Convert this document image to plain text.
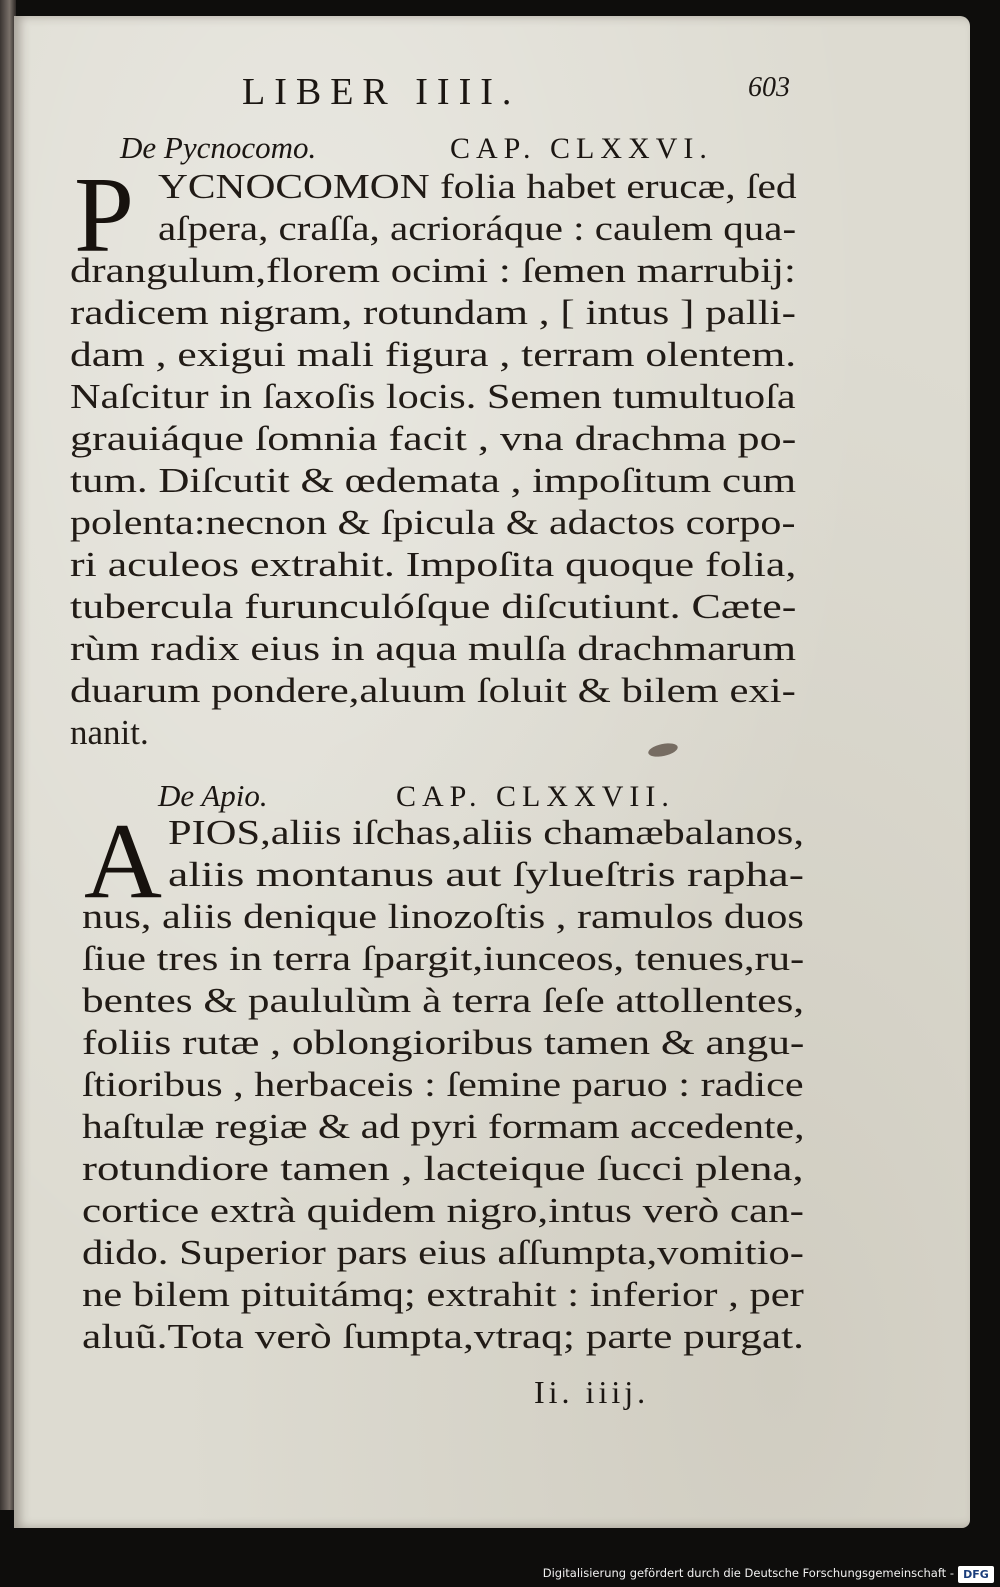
LIBER IIII.	603
De Pycnocomo.	CAP. CLXXVI.
P YCNOCOMON folia habet erucæ, ſed
aſpera, craſſa, acrioráque : caulem qua-
drangulum,florem ocimi : ſemen marrubij:
radicem nigram, rotundam , [ intus ] palli-
dam , exigui mali figura , terram olentem.
Naſcitur in ſaxoſis locis. Semen tumultuoſa
grauiáque ſomnia facit , vna drachma po-
tum. Diſcutit & œdemata , impoſitum cum
polenta:necnon & ſpicula & adactos corpo-
ri aculeos extrahit. Impoſita quoque folia,
tubercula furunculóſque diſcutiunt. Cæte-
rùm radix eius in aqua mulſa drachmarum
duarum pondere,aluum ſoluit & bilem exi-
nanit.
De Apio.	CAP. CLXXVII.
A PIOS,aliis iſchas,aliis chamæbalanos,
aliis montanus aut ſylueſtris rapha-
nus, aliis denique linozoſtis , ramulos duos
ſiue tres in terra ſpargit,iunceos, tenues,ru-
bentes & paululùm à terra ſeſe attollentes,
foliis rutæ , oblongioribus tamen & angu-
ſtioribus , herbaceis : ſemine paruo : radice
haſtulæ regiæ & ad pyri formam accedente,
rotundiore tamen , lacteique ſucci plena,
cortice extrà quidem nigro,intus verò can-
dido. Superior pars eius aſſumpta,vomitio-
ne bilem pituitámq; extrahit : inferior , per
aluũ.Tota verò ſumpta,vtraq; parte purgat.
Ii. iiij.
Digitalisierung gefördert durch die Deutsche Forschungsgemeinschaft - DFG
